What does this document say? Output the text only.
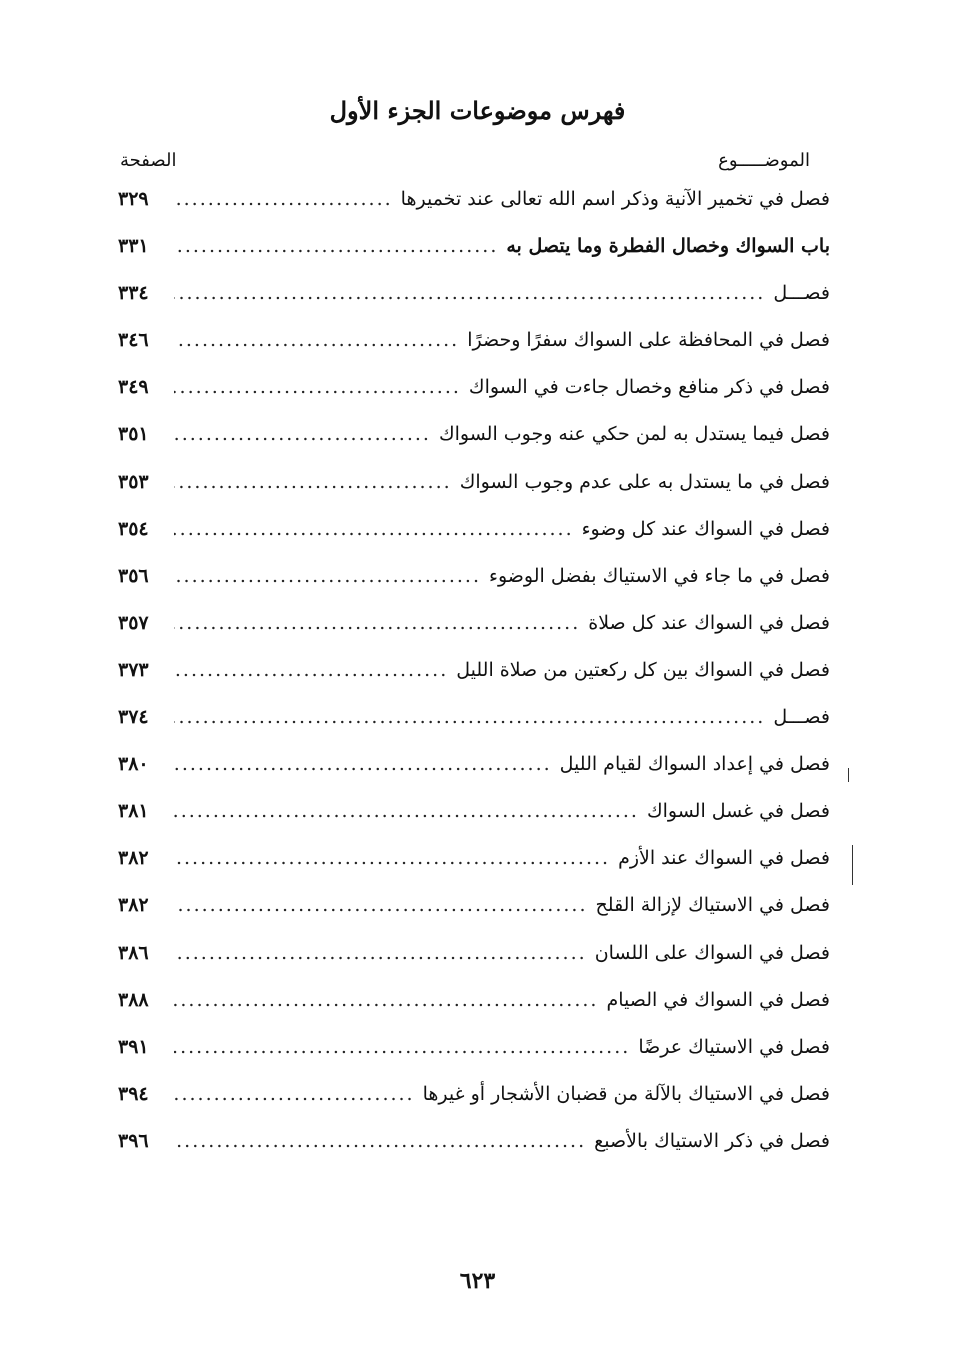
فهرس موضوعات الجزء الأول
الموضـــــوع
الصفحة
فصل في تخمير الآنية وذكر اسم الله تعالى عند تخميرها
.....
٣٢٩
باب السواك وخصال الفطرة وما يتصل به
.....
٣٣١
فصـــل
.....
٣٣٤
فصل في المحافظة على السواك سفرًا وحضرًا
.....
٣٤٦
فصل في ذكر منافع وخصال جاءت في السواك
.....
٣٤٩
فصل فيما يستدل به لمن حكي عنه وجوب السواك
.....
٣٥١
فصل في ما يستدل به على عدم وجوب السواك
.....
٣٥٣
فصل في السواك عند كل وضوء
.....
٣٥٤
فصل في ما جاء في الاستياك بفضل الوضوء
.....
٣٥٦
فصل في السواك عند كل صلاة
.....
٣٥٧
فصل في السواك بين كل ركعتين من صلاة الليل
.....
٣٧٣
فصـــل
.....
٣٧٤
فصل في إعداد السواك لقيام الليل
.....
٣٨٠
فصل في غسل السواك
.....
٣٨١
فصل في السواك عند الأزم
.....
٣٨٢
فصل في الاستياك لإزالة القلح
.....
٣٨٢
فصل في السواك على اللسان
.....
٣٨٦
فصل في السواك في الصيام
.....
٣٨٨
فصل في الاستياك عرضًا
.....
٣٩١
فصل في الاستياك بالآلة من قضبان الأشجار أو غيرها
.....
٣٩٤
فصل في ذكر الاستياك بالأصبع
.....
٣٩٦
٦٢٣
